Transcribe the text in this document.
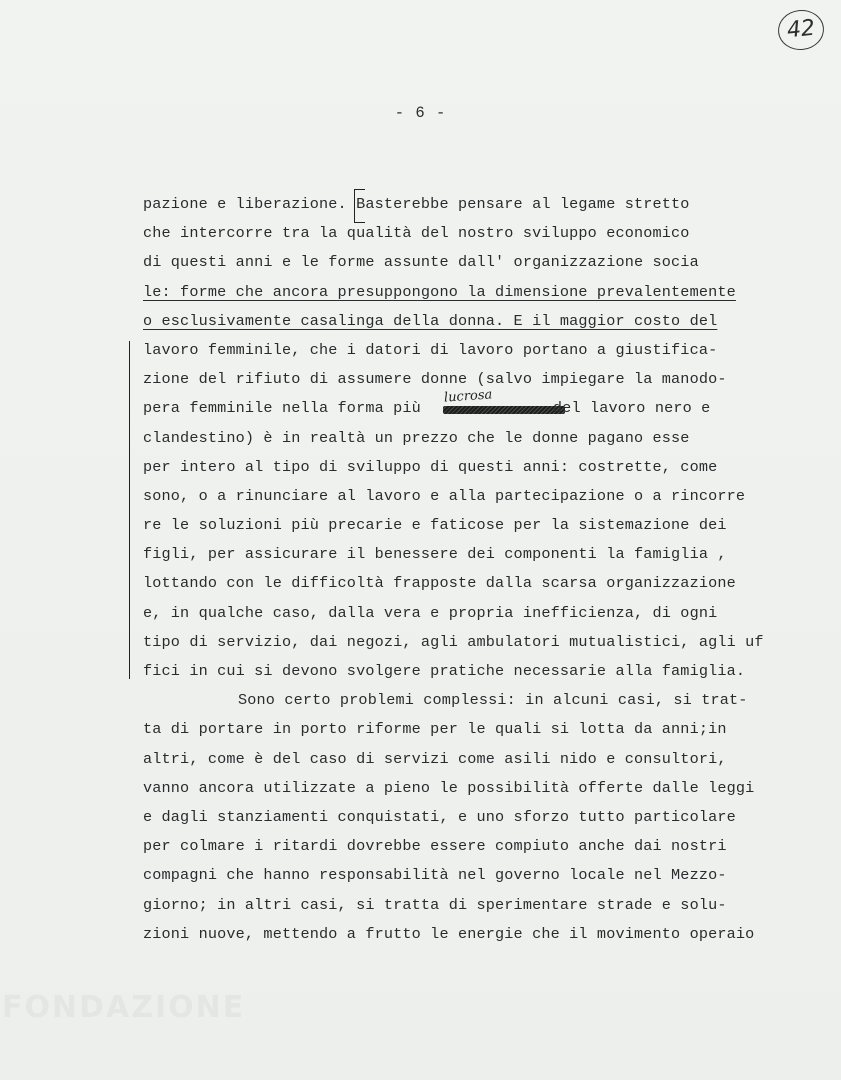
42
- 6 -
lucrosa
pazione e liberazione. Basterebbe pensare al legame stretto
che intercorre tra la qualità del nostro sviluppo economico
di questi anni e le forme assunte dall' organizzazione socia
le: forme che ancora presuppongono la dimensione prevalentemente
o esclusivamente casalinga della donna. E il maggior costo del
lavoro femminile, che i datori di lavoro portano a giustifica-
zione del rifiuto di assumere donne (salvo impiegare la manodo-
pera femminile nella forma più	del lavoro nero e
clandestino) è in realtà un prezzo che le donne pagano esse
per intero al tipo di sviluppo di questi anni: costrette, come
sono, o a rinunciare al lavoro e alla partecipazione o a rincorre
re le soluzioni più precarie e faticose per la sistemazione dei
figli, per assicurare il benessere dei componenti la famiglia ,
lottando con le difficoltà frapposte dalla scarsa organizzazione
e, in qualche caso, dalla vera e propria inefficienza, di ogni
tipo di servizio, dai negozi, agli ambulatori mutualistici, agli uf
fici in cui si devono svolgere pratiche necessarie alla famiglia.
Sono certo problemi complessi: in alcuni casi, si trat-
ta di portare in porto riforme per le quali si lotta da anni;in
altri, come è del caso di servizi come asili nido e consultori,
vanno ancora utilizzate a pieno le possibilità offerte dalle leggi
e dagli stanziamenti conquistati, e uno sforzo tutto particolare
per colmare i ritardi dovrebbe essere compiuto anche dai nostri
compagni che hanno responsabilità nel governo locale nel Mezzo-
giorno; in altri casi, si tratta di sperimentare strade e solu-
zioni nuove, mettendo a frutto le energie che il movimento operaio
FONDAZIONE
